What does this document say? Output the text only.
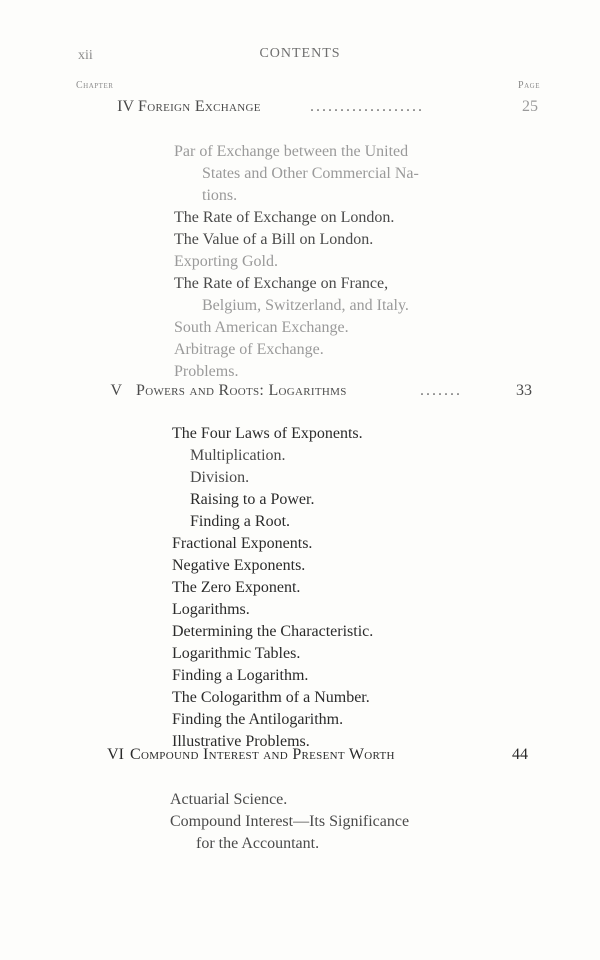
xii	CONTENTS
Chapter	Page
IV Foreign Exchange	...................	25
Par of Exchange between the United
States and Other Commercial Na-
tions.
The Rate of Exchange on London.
The Value of a Bill on London.
Exporting Gold.
The Rate of Exchange on France,
Belgium, Switzerland, and Italy.
South American Exchange.
Arbitrage of Exchange.
Problems.
V Powers and Roots: Logarithms	.......	33
The Four Laws of Exponents.
Multiplication.
Division.
Raising to a Power.
Finding a Root.
Fractional Exponents.
Negative Exponents.
The Zero Exponent.
Logarithms.
Determining the Characteristic.
Logarithmic Tables.
Finding a Logarithm.
The Cologarithm of a Number.
Finding the Antilogarithm.
Illustrative Problems.
VI Compound Interest and Present Worth	44
Actuarial Science.
Compound Interest—Its Significance
for the Accountant.
